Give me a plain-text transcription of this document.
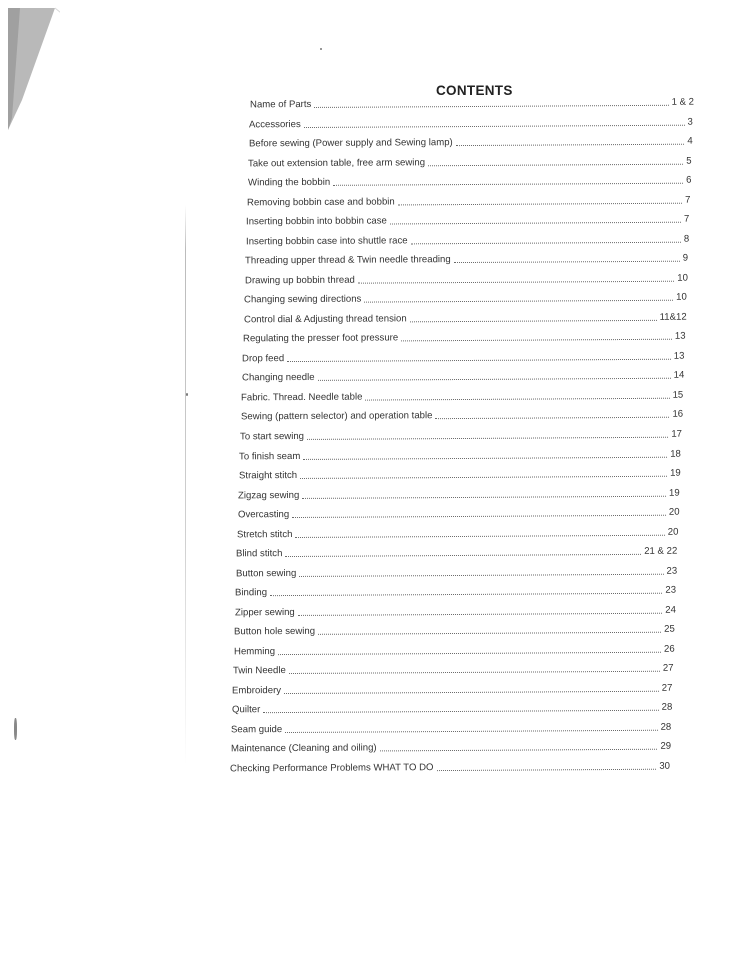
CONTENTS
Name of Parts	1 & 2
Accessories	3
Before sewing (Power supply and Sewing lamp)	4
Take out extension table, free arm sewing	5
Winding the bobbin	6
Removing bobbin case and bobbin	7
Inserting bobbin into bobbin case	7
Inserting bobbin case into shuttle race	8
Threading upper thread & Twin needle threading	9
Drawing up bobbin thread	10
Changing sewing directions	10
Control dial & Adjusting thread tension	11&12
Regulating the presser foot pressure	13
Drop feed	13
Changing needle	14
Fabric. Thread. Needle table	15
Sewing (pattern selector) and operation table	16
To start sewing	17
To finish seam	18
Straight stitch	19
Zigzag sewing	19
Overcasting	20
Stretch stitch	20
Blind stitch	21 & 22
Button sewing	23
Binding	23
Zipper sewing	24
Button hole sewing	25
Hemming	26
Twin Needle	27
Embroidery	27
Quilter	28
Seam guide	28
Maintenance (Cleaning and oiling)	29
Checking Performance Problems WHAT TO DO	30
